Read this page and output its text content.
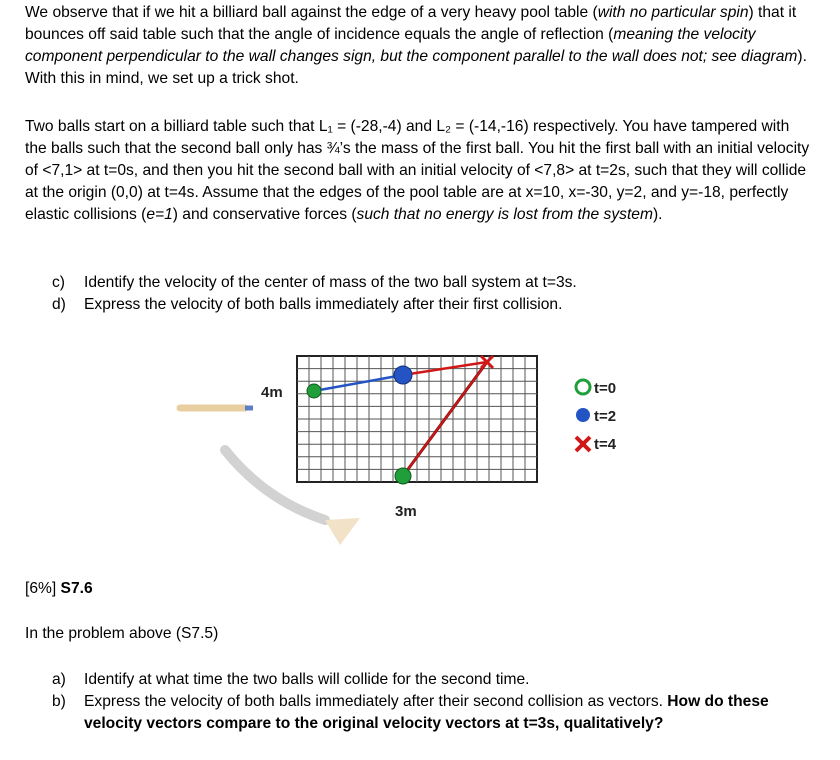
We observe that if we hit a billiard ball against the edge of a very heavy pool table (with no particular spin) that it bounces off said table such that the angle of incidence equals the angle of reflection (meaning the velocity component perpendicular to the wall changes sign, but the component parallel to the wall does not; see diagram). With this in mind, we set up a trick shot.

Two balls start on a billiard table such that L₁ = (-28,-4) and L₂ = (-14,-16) respectively. You have tampered with the balls such that the second ball only has ¾’s the mass of the first ball. You hit the first ball with an initial velocity of <7,1> at t=0s, and then you hit the second ball with an initial velocity of <7,8> at t=2s, such that they will collide at the origin (0,0) at t=4s. Assume that the edges of the pool table are at x=10, x=-30, y=2, and y=-18, perfectly elastic collisions (e=1) and conservative forces (such that no energy is lost from the system).

c)	Identify the velocity of the center of mass of the two ball system at t=3s.
d)	Express the velocity of both balls immediately after their first collision.
4m
3m
t=0
t=2
t=4
[6%] S7.6
In the problem above (S7.5)
a)	Identify at what time the two balls will collide for the second time.
b)	Express the velocity of both balls immediately after their second collision as vectors. How do these velocity vectors compare to the original velocity vectors at t=3s, qualitatively?
